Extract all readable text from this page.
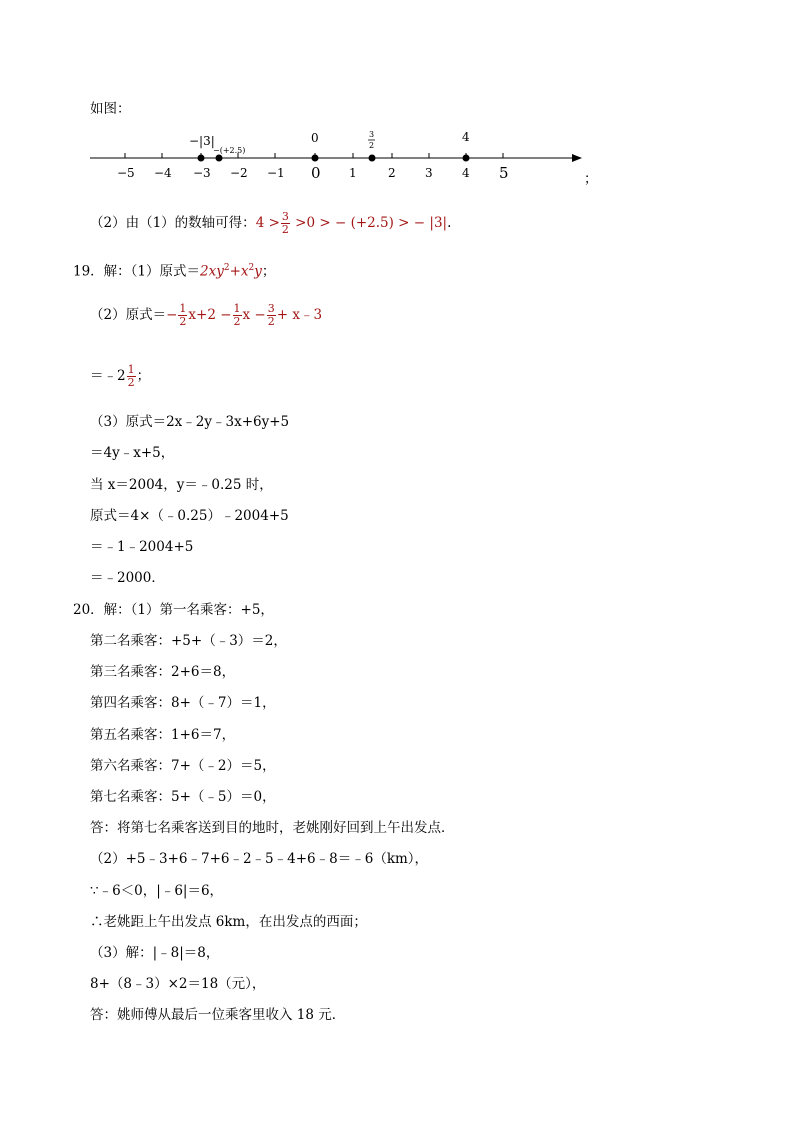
如图：
−5 −4 −3 −2 −1 0 1	2 3 4 5
−|3|
−(+2.5)
0	3
2
4
；
（2）由（1）的数轴可得：$4 > \frac{3}{2} >0$ > − (+2.5) > − |3|.
19．解：（1）原式$=2xy^2+x^2y$；
（2）原式＝− $\frac{1}{2} x+2 - \frac{1}{2}$ $x - \frac{3}{2}$ + x﹣3
＝﹣2 $\frac{1}{2}$ ；
（3）原式＝2x﹣2y﹣3x+6y+5
＝4y﹣x+5，
当 x＝2004，y＝﹣0.25 时，
原式＝4×（﹣0.25）﹣2004+5
＝﹣1﹣2004+5
＝﹣2000．
20．解：（1）第一名乘客：+5，
第二名乘客：+5+（﹣3）＝2，
第三名乘客：2+6＝8，
第四名乘客：8+（﹣7）＝1，
第五名乘客：1+6＝7，
第六名乘客：7+（﹣2）＝5，
第七名乘客：5+（﹣5）＝0，
答：将第七名乘客送到目的地时，老姚刚好回到上午出发点．
（2）+5﹣3+6﹣7+6﹣2﹣5﹣4+6﹣8＝﹣6（km），
∵﹣6＜0，|﹣6|＝6，
∴老姚距上午出发点 6km，在出发点的西面；
（3）解：|﹣8|＝8，
8+（8﹣3）×2＝18（元），
答：姚师傅从最后一位乘客里收入 18 元．
